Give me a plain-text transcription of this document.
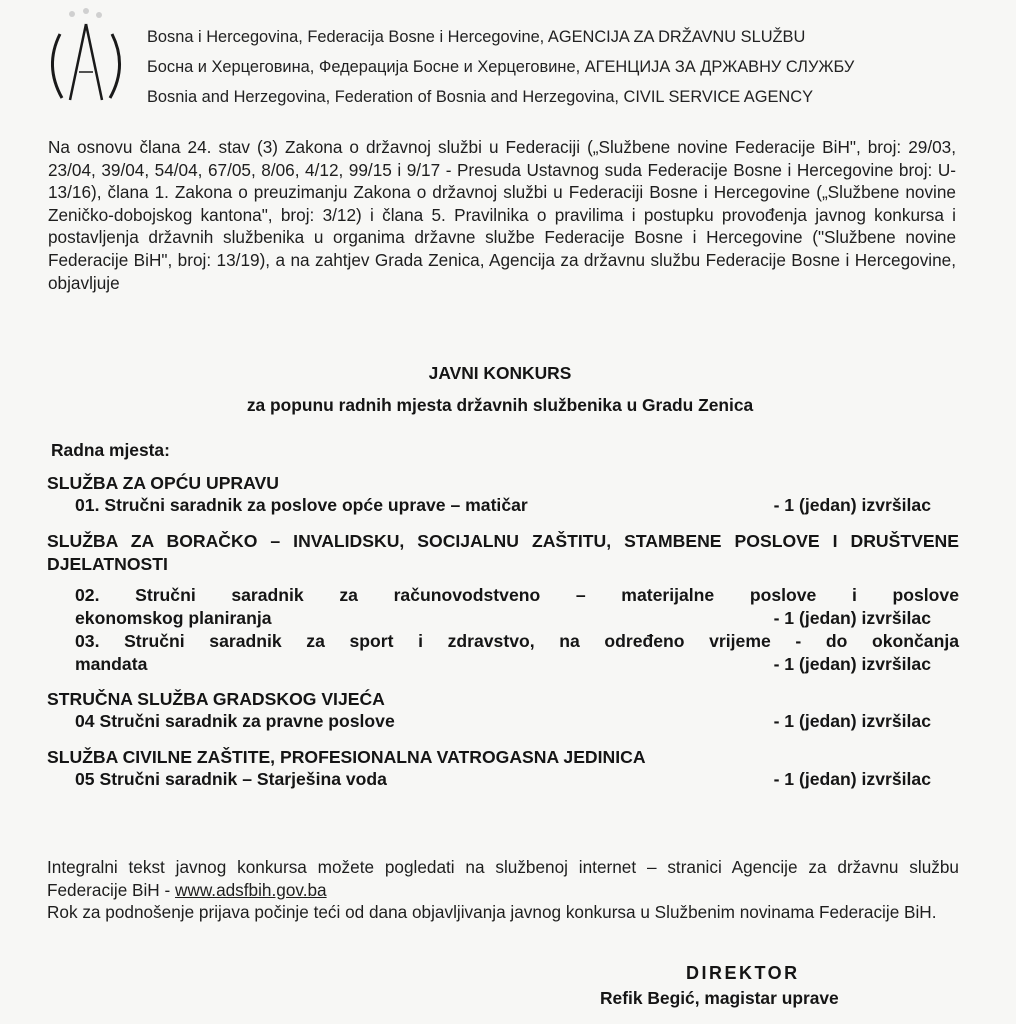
Bosna i Hercegovina, Federacija Bosne i Hercegovine, AGENCIJA ZA DRŽAVNU SLUŽBU
Босна и Херцеговина, Федерација Босне и Херцеговине, АГЕНЦИЈА ЗА ДРЖАВНУ СЛУЖБУ
Bosnia and Herzegovina, Federation of Bosnia and Herzegovina, CIVIL SERVICE AGENCY
Na osnovu člana 24. stav (3) Zakona o državnoj službi u Federaciji („Službene novine Federacije BiH", broj: 29/03, 23/04, 39/04, 54/04, 67/05, 8/06, 4/12, 99/15 i 9/17 - Presuda Ustavnog suda Federacije Bosne i Hercegovine broj: U-13/16), člana 1. Zakona o preuzimanju Zakona o državnoj službi u Federaciji Bosne i Hercegovine („Službene novine Zeničko-dobojskog kantona", broj: 3/12) i člana 5. Pravilnika o pravilima i postupku provođenja javnog konkursa i postavljenja državnih službenika u organima državne službe Federacije Bosne i Hercegovine ("Službene novine Federacije BiH", broj: 13/19), a na zahtjev Grada Zenica, Agencija za državnu službu Federacije Bosne i Hercegovine, objavljuje
JAVNI KONKURS
za popunu radnih mjesta državnih službenika u Gradu Zenica
Radna mjesta:
SLUŽBA ZA OPĆU UPRAVU
01. Stručni saradnik za poslove opće uprave – matičar	- 1 (jedan) izvršilac
SLUŽBA ZA BORAČKO – INVALIDSKU, SOCIJALNU ZAŠTITU, STAMBENE POSLOVE I DRUŠTVENE DJELATNOSTI
02. Stručni saradnik za računovodstveno – materijalne poslove i poslove
ekonomskog planiranja	- 1 (jedan) izvršilac
03. Stručni saradnik za sport i zdravstvo, na određeno vrijeme - do okončanja
mandata	- 1 (jedan) izvršilac
STRUČNA SLUŽBA GRADSKOG VIJEĆA
04 Stručni saradnik za pravne poslove	- 1 (jedan) izvršilac
SLUŽBA CIVILNE ZAŠTITE, PROFESIONALNA VATROGASNA JEDINICA
05 Stručni saradnik – Starješina voda	- 1 (jedan) izvršilac
Integralni tekst javnog konkursa možete pogledati na službenoj internet – stranici Agencije za državnu službu Federacije BiH - www.adsfbih.gov.ba
Rok za podnošenje prijava počinje teći od dana objavljivanja javnog konkursa u Službenim novinama Federacije BiH.
DIREKTOR
Refik Begić, magistar uprave
